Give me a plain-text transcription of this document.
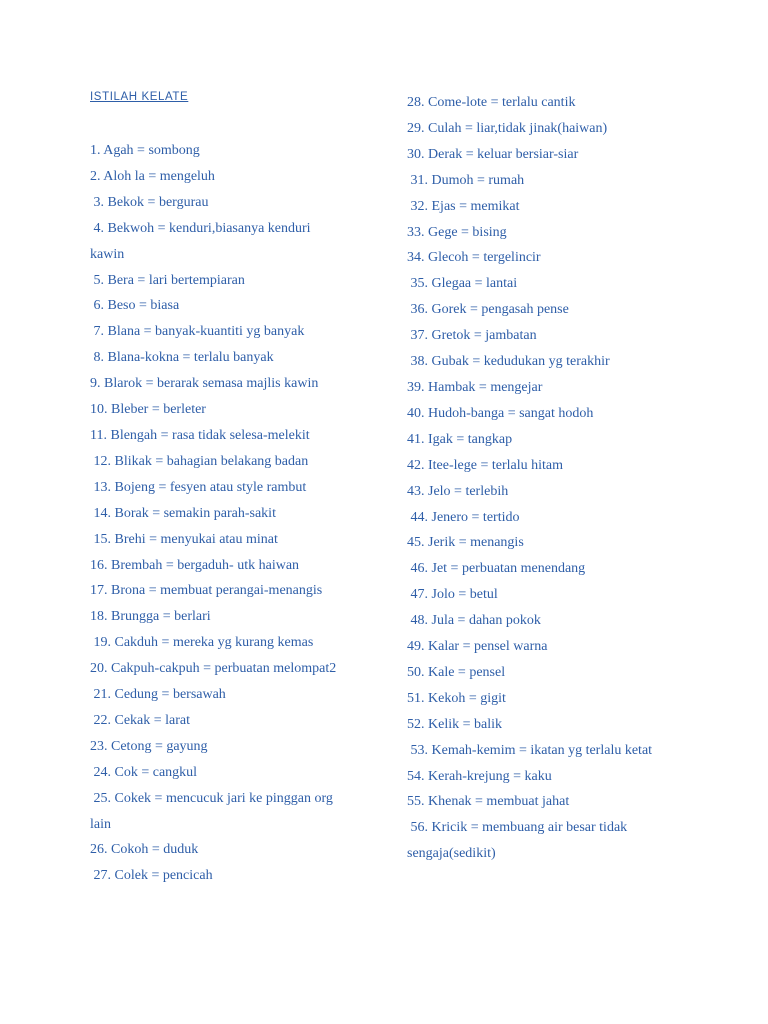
ISTILAH KELATE
1. Agah = sombong
2. Aloh la = mengeluh
3. Bekok = bergurau
4. Bekwoh = kenduri,biasanya kenduri
kawin
5. Bera = lari bertempiaran
6. Beso = biasa
7. Blana = banyak-kuantiti yg banyak
8. Blana-kokna = terlalu banyak
9. Blarok = berarak semasa majlis kawin
10. Bleber = berleter
11. Blengah = rasa tidak selesa-melekit
12. Blikak = bahagian belakang badan
13. Bojeng = fesyen atau style rambut
14. Borak = semakin parah-sakit
15. Brehi = menyukai atau minat
16. Brembah = bergaduh- utk haiwan
17. Brona = membuat perangai-menangis
18. Brungga = berlari
19. Cakduh = mereka yg kurang kemas
20. Cakpuh-cakpuh = perbuatan melompat2
21. Cedung = bersawah
22. Cekak = larat
23. Cetong = gayung
24. Cok = cangkul
25. Cokek = mencucuk jari ke pinggan org
lain
26. Cokoh = duduk
27. Colek = pencicah
28. Come-lote = terlalu cantik
29. Culah = liar,tidak jinak(haiwan)
30. Derak = keluar bersiar-siar
31. Dumoh = rumah
32. Ejas = memikat
33. Gege = bising
34. Glecoh = tergelincir
35. Glegaa = lantai
36. Gorek = pengasah pense
37. Gretok = jambatan
38. Gubak = kedudukan yg terakhir
39. Hambak = mengejar
40. Hudoh-banga = sangat hodoh
41. Igak = tangkap
42. Itee-lege = terlalu hitam
43. Jelo = terlebih
44. Jenero = tertido
45. Jerik = menangis
46. Jet = perbuatan menendang
47. Jolo = betul
48. Jula = dahan pokok
49. Kalar = pensel warna
50. Kale = pensel
51. Kekoh = gigit
52. Kelik = balik
53. Kemah-kemim = ikatan yg terlalu ketat
54. Kerah-krejung = kaku
55. Khenak = membuat jahat
56. Kricik = membuang air besar tidak
sengaja(sedikit)
